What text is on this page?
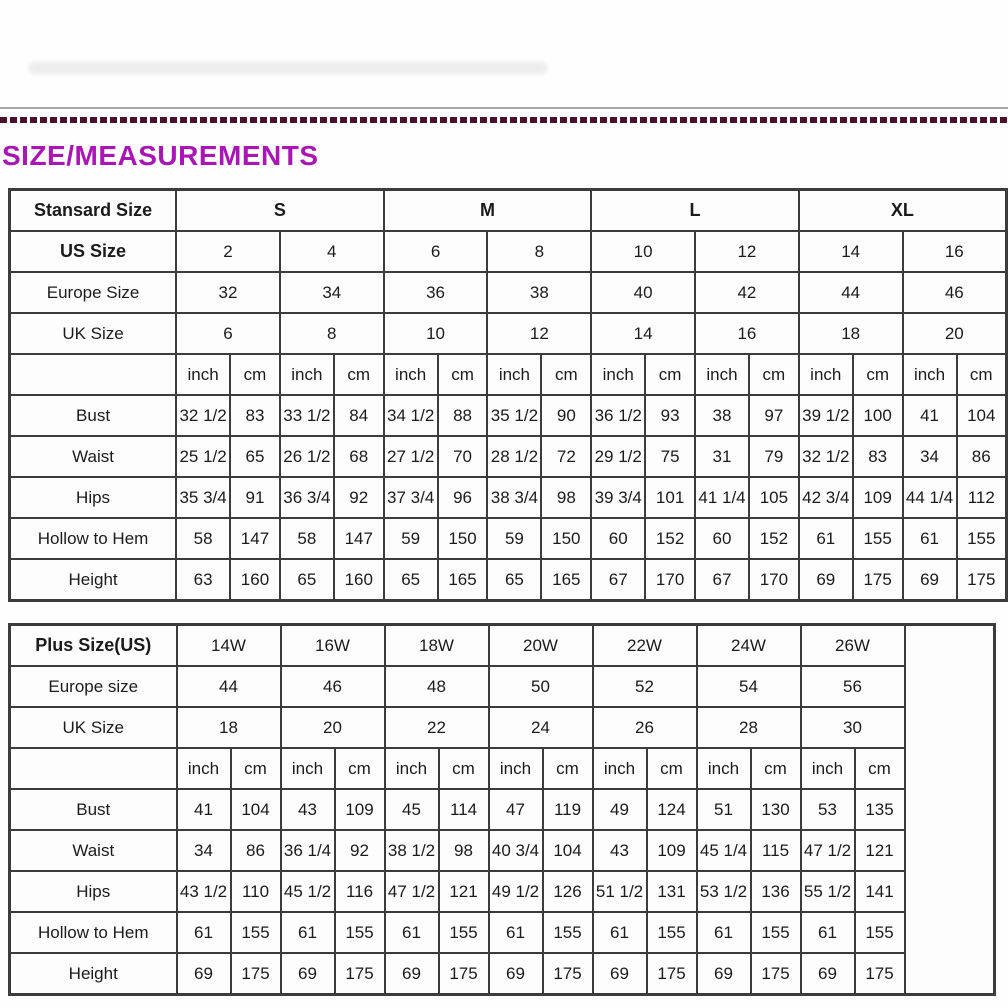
SIZE/MEASUREMENTS
Stansard Size	S				M				L				XL			
US Size	2		4		6		8		10		12		14		16	
Europe Size	32		34		36		38		40		42		44		46	
UK Size	6		8		10		12		14		16		18		20	
	inch	cm	inch	cm	inch	cm	inch	cm	inch	cm	inch	cm	inch	cm	inch	cm
Bust	32 1/2	83	33 1/2	84	34 1/2	88	35 1/2	90	36 1/2	93	38	97	39 1/2	100	41	104
Waist	25 1/2	65	26 1/2	68	27 1/2	70	28 1/2	72	29 1/2	75	31	79	32 1/2	83	34	86
Hips	35 3/4	91	36 3/4	92	37 3/4	96	38 3/4	98	39 3/4	101	41 1/4	105	42 3/4	109	44 1/4	112
Hollow to Hem	58	147	58	147	59	150	59	150	60	152	60	152	61	155	61	155
Height	63	160	65	160	65	165	65	165	67	170	67	170	69	175	69	175
Plus Size(US)	14W		16W		18W		20W		22W		24W		26W		
Europe size	44		46		48		50		52		54		56		
UK Size	18		20		22		24		26		28		30		
	inch	cm	inch	cm	inch	cm	inch	cm	inch	cm	inch	cm	inch	cm	
Bust	41	104	43	109	45	114	47	119	49	124	51	130	53	135	
Waist	34	86	36 1/4	92	38 1/2	98	40 3/4	104	43	109	45 1/4	115	47 1/2	121	
Hips	43 1/2	110	45 1/2	116	47 1/2	121	49 1/2	126	51 1/2	131	53 1/2	136	55 1/2	141	
Hollow to Hem	61	155	61	155	61	155	61	155	61	155	61	155	61	155	
Height	69	175	69	175	69	175	69	175	69	175	69	175	69	175	
